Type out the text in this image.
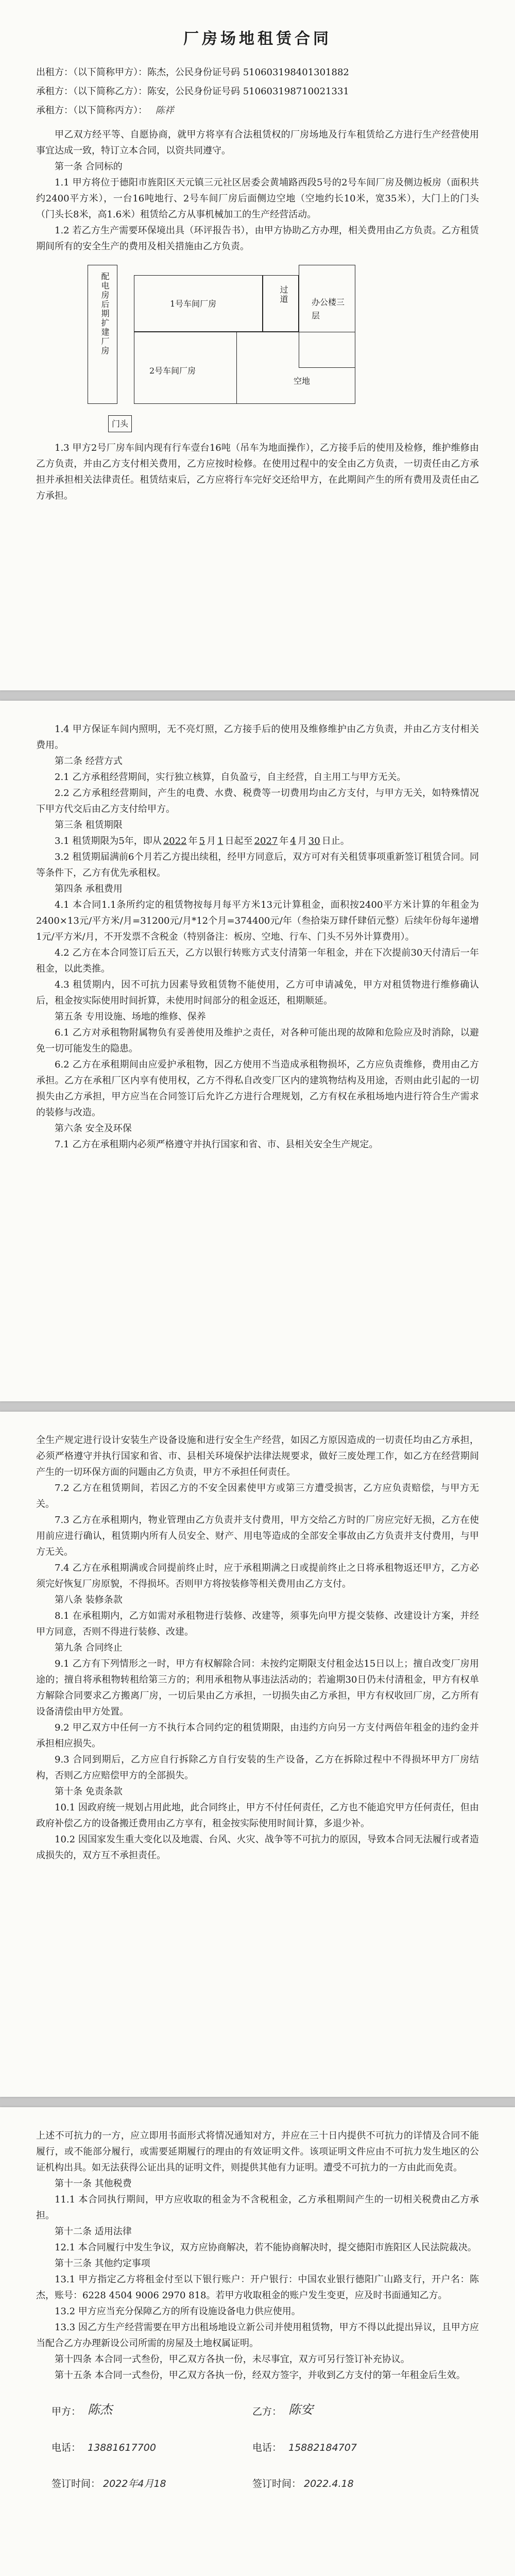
厂房场地租赁合同
出租方：（以下简称甲方）：陈杰，公民身份证号码 510603198401301882
承租方：（以下简称乙方）：陈安，公民身份证号码 510603198710021331
承租方：（以下简称丙方）： 陈祥

甲乙双方经平等、自愿协商，就甲方将享有合法租赁权的厂房场地及行车租赁给乙方进行生产经营使用事宜达成一致，特订立本合同，以资共同遵守。

第一条 合同标的

1.1 甲方将位于德阳市旌阳区天元镇三元社区居委会黄埔路西段5号的2号车间厂房及侧边板房（面积共约2400平方米），一台16吨地行、2号车间厂房后面侧边空地（空地约长10米，宽35米），大门上的门头（门头长8米，高1.6米）租赁给乙方从事机械加工的生产经营活动。

1.2 若乙方生产需要环保境出具（环评报告书），由甲方协助乙方办理，相关费用由乙方负责。乙方租赁期间所有的安全生产的费用及相关措施由乙方负责。

配电房后期扩建厂房	1号车间厂房	过道	办公楼三层
2号车间厂房
空地
门头

1.3 甲方2号厂房车间内现有行车壹台16吨（吊车为地面操作），乙方接手后的使用及检修，维护维修由乙方负责，并由乙方支付相关费用，乙方应按时检修。在使用过程中的安全由乙方负责，一切责任由乙方承担并承担相关法律责任。租赁结束后，乙方应将行车完好交还给甲方，在此期间产生的所有费用及责任由乙方承担。

1.4 甲方保证车间内照明，无不亮灯照，乙方接手后的使用及维修维护由乙方负责，并由乙方支付相关费用。

第二条 经营方式

2.1 乙方承租经营期间，实行独立核算，自负盈亏，自主经营，自主用工与甲方无关。

2.2 乙方承租经营期间，产生的电费、水费、税费等一切费用均由乙方支付，与甲方无关，如特殊情况下甲方代交后由乙方支付给甲方。

第三条 租赁期限

3.1 租赁期限为5年，即从 2022 年 5 月 1 日起至 2027 年 4 月 30 日止。

3.2 租赁期届满前6个月若乙方提出续租，经甲方同意后，双方可对有关租赁事项重新签订租赁合同。同等条件下，乙方有优先承租权。

第四条 承租费用

4.1 本合同1.1条所约定的租赁物按每月每平方米13元计算租金，面积按2400平方米计算的年租金为2400×13元/平方米/月=31200元/月*12个月=374400元/年（叁拾柒万肆仟肆佰元整）后续年份每年递增1元/平方米/月，不开发票不含税金（特别备注：板房、空地、行车、门头不另外计算费用）。

4.2 乙方在本合同签订后五天，乙方以银行转账方式支付清第一年租金，并在下次提前30天付清后一年租金，以此类推。

4.3 租赁期内，因不可抗力因素导致租赁物不能使用，乙方可申请减免，甲方对租赁物进行维修确认后，租金按实际使用时间折算，未使用时间部分的租金返还，租期顺延。

第五条 专用设施、场地的维修、保养

6.1 乙方对承租物附属物负有妥善使用及维护之责任，对各种可能出现的故障和危险应及时消除，以避免一切可能发生的隐患。

6.2 乙方在承租期间由应爱护承租物，因乙方使用不当造成承租物损坏，乙方应负责维修，费用由乙方承担。乙方在承租厂区内享有使用权，乙方不得私自改变厂区内的建筑物结构及用途，否则由此引起的一切损失由乙方承担，甲方应当在合同签订后允许乙方进行合理规划，乙方有权在承租场地内进行符合生产需求的装修与改造。

第六条 安全及环保

7.1 乙方在承租期内必须严格遵守并执行国家和省、市、县相关安全生产规定。

全生产规定进行设计安装生产设备设施和进行安全生产经营，如因乙方原因造成的一切责任均由乙方承担，必须严格遵守并执行国家和省、市、县相关环境保护法律法规要求，做好三废处理工作，如乙方在经营期间产生的一切环保方面的问题由乙方负责，甲方不承担任何责任。

7.2 乙方在租赁期间，若因乙方的不安全因素使甲方或第三方遭受损害，乙方应负责赔偿，与甲方无关。

7.3 乙方在承租期内，物业管理由乙方负责并支付费用，甲方交给乙方时的厂房应完好无损，乙方在使用前应进行确认，租赁期内所有人员安全、财产、用电等造成的全部安全事故由乙方负责并支付费用，与甲方无关。

7.4 乙方在承租期满或合同提前终止时，应于承租期满之日或提前终止之日将承租物返还甲方，乙方必须完好恢复厂房原貌，不得损坏。否则甲方将按装修等相关费用由乙方支付。

第八条 装修条款

8.1 在承租期内，乙方如需对承租物进行装修、改建等，须事先向甲方提交装修、改建设计方案，并经甲方同意，否则不得进行装修、改建。

第九条 合同终止

9.1 乙方有下列情形之一时，甲方有权解除合同：未按约定期限支付租金达15日以上；擅自改变厂房用途的；擅自将承租物转租给第三方的；利用承租物从事违法活动的；若逾期30日仍未付清租金，甲方有权单方解除合同要求乙方搬离厂房，一切后果由乙方承担，一切损失由乙方承担，甲方有权收回厂房，乙方所有设备清偿由甲方处置。

9.2 甲乙双方中任何一方不执行本合同约定的租赁期限，由违约方向另一方支付两倍年租金的违约金并承担相应损失。

9.3 合同到期后，乙方应自行拆除乙方自行安装的生产设备，乙方在拆除过程中不得损坏甲方厂房结构，否则乙方应赔偿甲方的全部损失。

第十条 免责条款

10.1 因政府统一规划占用此地，此合同终止，甲方不付任何责任，乙方也不能追究甲方任何责任，但由政府补偿乙方的设备搬迁费用由乙方享有，租金按实际使用时间计算，多退少补。

10.2 因国家发生重大变化以及地震、台风、火灾、战争等不可抗力的原因，导致本合同无法履行或者造成损失的，双方互不承担责任。

上述不可抗力的一方，应立即用书面形式将情况通知对方，并应在三十日内提供不可抗力的详情及合同不能履行，或不能部分履行，或需要延期履行的理由的有效证明文件。该项证明文件应由不可抗力发生地区的公证机构出具。如无法获得公证出具的证明文件，则提供其他有力证明。遭受不可抗力的一方由此而免责。

第十一条 其他税费

11.1 本合同执行期间，甲方应收取的租金为不含税租金，乙方承租期间产生的一切相关税费由乙方承担。

第十二条 适用法律

12.1 本合同履行中发生争议，双方应协商解决，若不能协商解决时，提交德阳市旌阳区人民法院裁决。

第十三条 其他约定事项

13.1 甲方指定乙方将租金付至以下银行账户：开户银行：中国农业银行德阳广山路支行，开户名：陈杰，账号：6228 4504 9006 2970 818。若甲方收取租金的账户发生变更，应及时书面通知乙方。

13.2 甲方应当充分保障乙方的所有设施设备电力供应使用。

13.3 因乙方生产经营需要在甲方出租场地设立新公司并使用租赁物，甲方不得以此提出异议，且甲方应当配合乙方办理新设公司所需的房屋及土地权属证明。

第十四条 本合同一式叁份，甲乙双方各执一份，未尽事宜，双方可另行签订补充协议。

第十五条 本合同一式叁份，甲乙双方各执一份，经双方签字，并收到乙方支付的第一年租金后生效。

甲方： 陈杰	乙方： 陈安
电话： 13881617700	电话： 15882184707
签订时间： 2022年4月18	签订时间： 2022.4.18
